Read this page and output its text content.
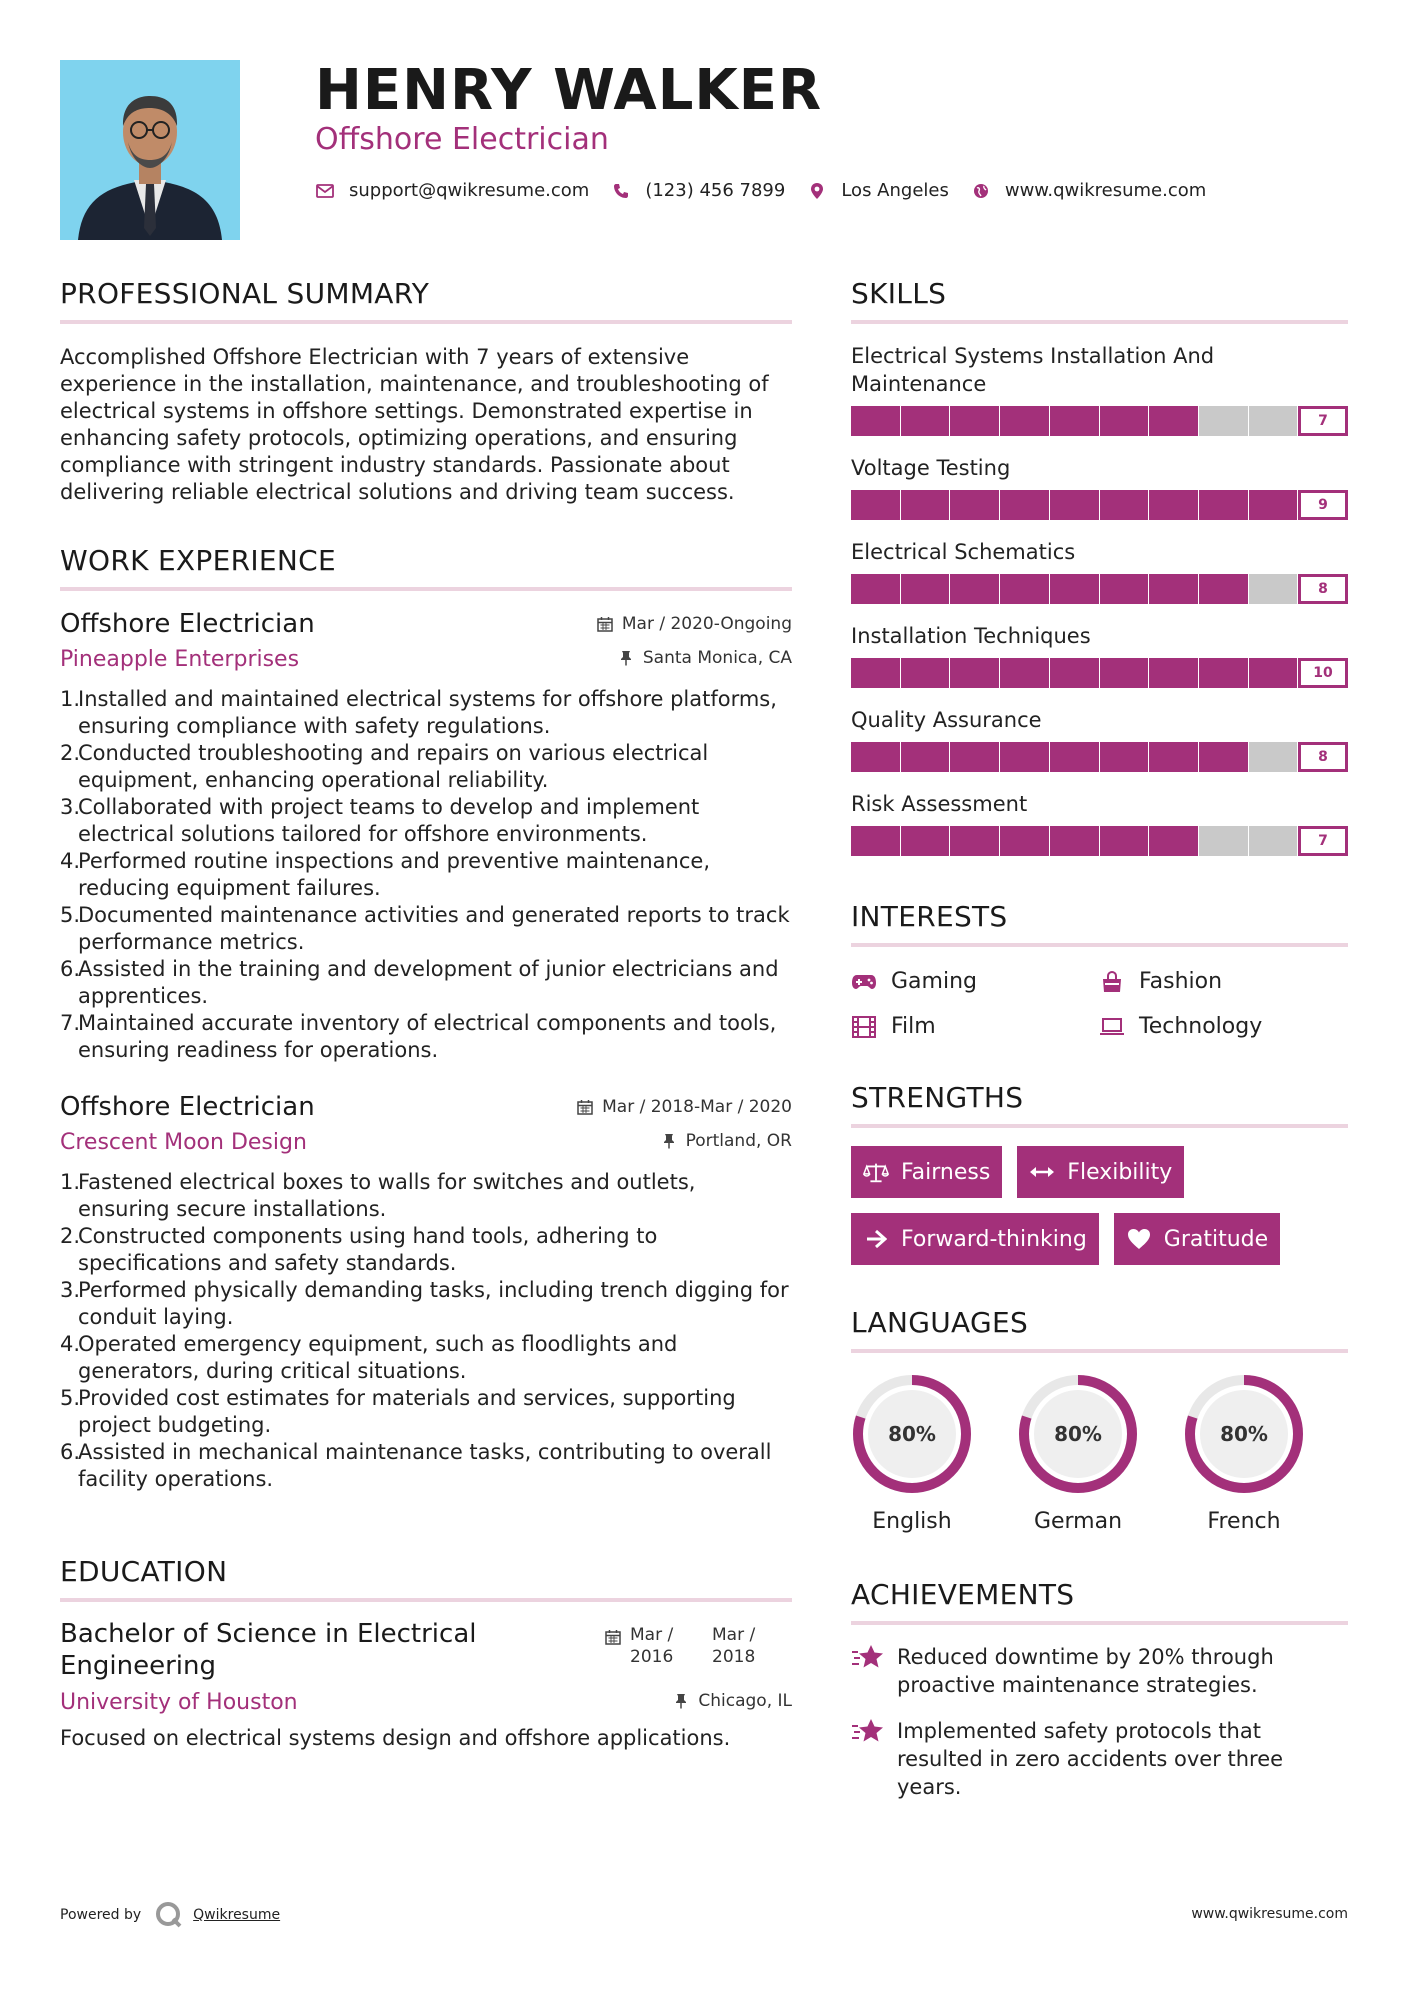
HENRY WALKER
Offshore Electrician
support@qwikresume.com	(123) 456 7899	Los Angeles	www.qwikresume.com
PROFESSIONAL SUMMARY

Accomplished Offshore Electrician with 7 years of extensive experience in the installation, maintenance, and troubleshooting of electrical systems in offshore settings. Demonstrated expertise in enhancing safety protocols, optimizing operations, and ensuring compliance with stringent industry standards. Passionate about delivering reliable electrical solutions and driving team success.

WORK EXPERIENCE
Offshore Electrician	Mar / 2020-Ongoing
Pineapple Enterprises	Santa Monica, CA
1.
Installed and maintained electrical systems for offshore platforms, ensuring compliance with safety regulations.
2.
Conducted troubleshooting and repairs on various electrical equipment, enhancing operational reliability.
3.
Collaborated with project teams to develop and implement electrical solutions tailored for offshore environments.
4.
Performed routine inspections and preventive maintenance, reducing equipment failures.
5.
Documented maintenance activities and generated reports to track performance metrics.
6.
Assisted in the training and development of junior electricians and apprentices.
7.
Maintained accurate inventory of electrical components and tools, ensuring readiness for operations.
Offshore Electrician	Mar / 2018-Mar / 2020
Crescent Moon Design	Portland, OR
1.
Fastened electrical boxes to walls for switches and outlets, ensuring secure installations.
2.
Constructed components using hand tools, adhering to specifications and safety standards.
3.
Performed physically demanding tasks, including trench digging for conduit laying.
4.
Operated emergency equipment, such as floodlights and generators, during critical situations.
5.
Provided cost estimates for materials and services, supporting project budgeting.
6.
Assisted in mechanical maintenance tasks, contributing to overall facility operations.
EDUCATION
Bachelor of Science in Electrical Engineering
Mar / 2016
Mar / 2018
University of Houston	Chicago, IL

Focused on electrical systems design and offshore applications.

SKILLS
Electrical Systems Installation And Maintenance
7
Voltage Testing
9
Electrical Schematics
8
Installation Techniques
10
Quality Assurance
8
Risk Assessment
7
INTERESTS
Gaming	Fashion
Film	Technology
STRENGTHS
Fairness	Flexibility
Forward-thinking	Gratitude
LANGUAGES
80%
English
80%
German
80%
French
ACHIEVEMENTS
Reduced downtime by 20% through proactive maintenance strategies.
Implemented safety protocols that resulted in zero accidents over three years.
Powered by	Qwikresume	www.qwikresume.com
